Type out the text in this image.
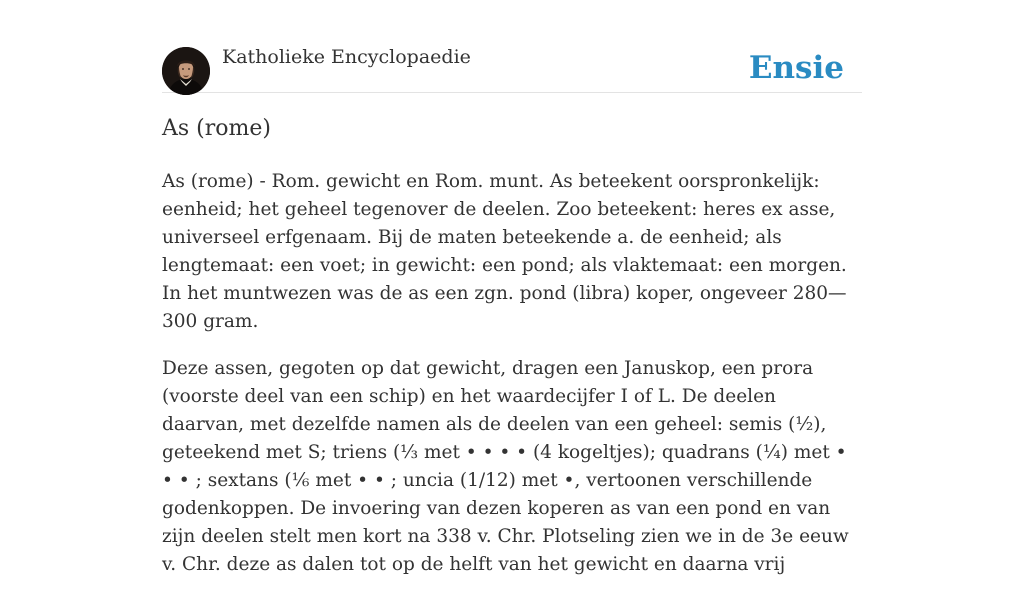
Katholieke Encyclopaedie	Ensie
As (rome)

As (rome) - Rom. gewicht en Rom. munt. As beteekent oorspronkelijk: eenheid; het geheel tegenover de deelen. Zoo beteekent: heres ex asse, universeel erfgenaam. Bij de maten beteekende a. de eenheid; als lengtemaat: een voet; in gewicht: een pond; als vlaktemaat: een morgen. In het muntwezen was de as een zgn. pond (libra) koper, ongeveer 280—300 gram.

Deze assen, gegoten op dat gewicht, dragen een Januskop, een prora (voorste deel van een schip) en het waardecijfer I of L. De deelen daarvan, met dezelfde namen als de deelen van een geheel: semis (½), geteekend met S; triens (⅓ met • • • • (4 kogeltjes); quadrans (¼) met • • • ; sextans (⅙ met • • ; uncia (1/12) met •, vertoonen verschillende godenkoppen. De invoering van dezen koperen as van een pond en van zijn deelen stelt men kort na 338 v. Chr. Plotseling zien we in de 3e eeuw v. Chr. deze as dalen tot op de helft van het gewicht en daarna vrij
